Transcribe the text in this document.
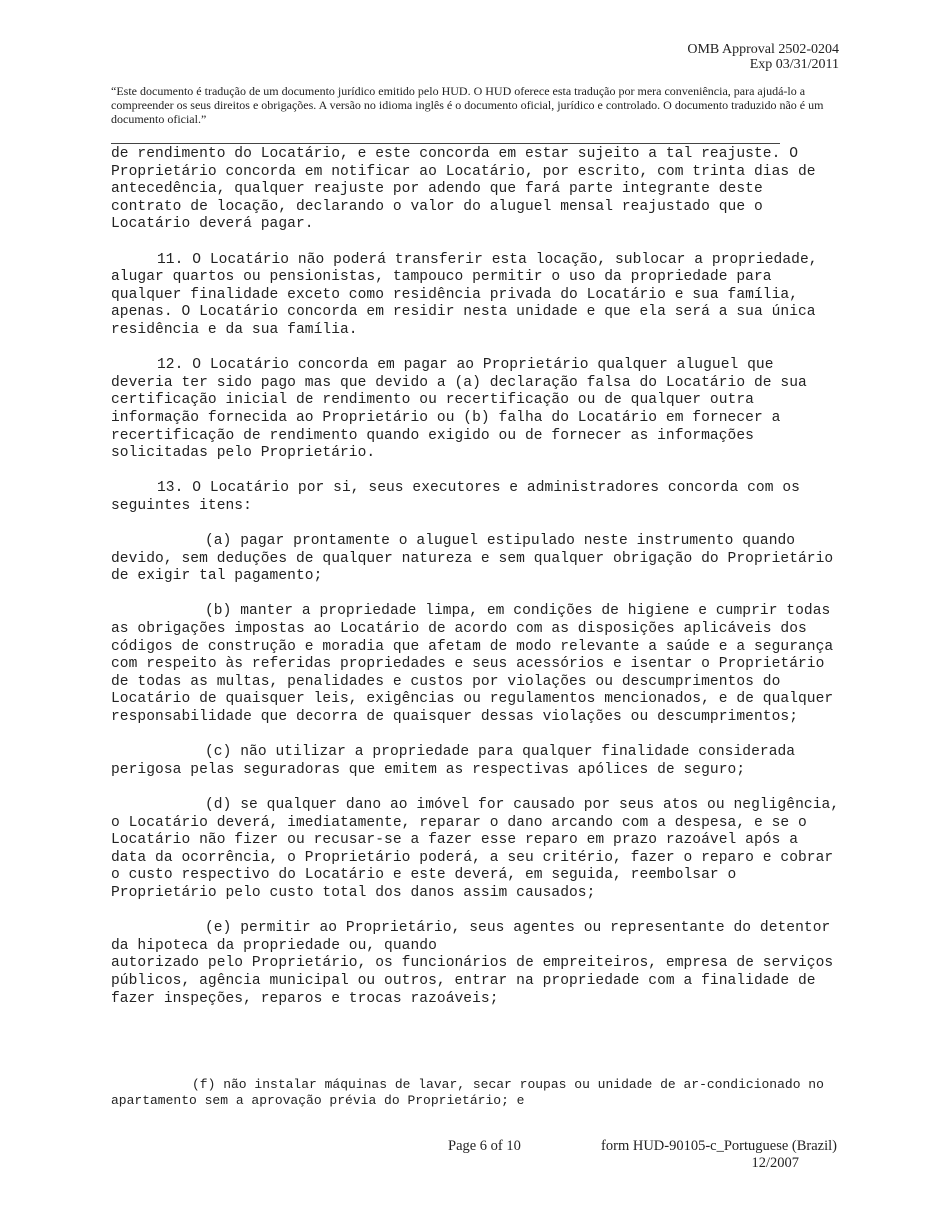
OMB Approval 2502-0204
Exp 03/31/2011
“Este documento é tradução de um documento jurídico emitido pelo HUD. O HUD oferece esta tradução por mera conveniência, para ajudá-lo a compreender os seus direitos e obrigações. A versão no idioma inglês é o documento oficial, jurídico e controlado. O documento traduzido não é um documento oficial.”

de rendimento do Locatário, e este concorda em estar sujeito a tal reajuste. O Proprietário concorda em notificar ao Locatário, por escrito, com trinta dias de antecedência, qualquer reajuste por adendo que fará parte integrante deste contrato de locação, declarando o valor do aluguel mensal reajustado que o Locatário deverá pagar.

11. O Locatário não poderá transferir esta locação, sublocar a propriedade, alugar quartos ou pensionistas, tampouco permitir o uso da propriedade para qualquer finalidade exceto como residência privada do Locatário e sua família, apenas. O Locatário concorda em residir nesta unidade e que ela será a sua única residência e da sua família.

12. O Locatário concorda em pagar ao Proprietário qualquer aluguel que deveria ter sido pago mas que devido a (a) declaração falsa do Locatário de sua certificação inicial de rendimento ou recertificação ou de qualquer outra informação fornecida ao Proprietário ou (b) falha do Locatário em fornecer a recertificação de rendimento quando exigido ou de fornecer as informações solicitadas pelo Proprietário.

13. O Locatário por si, seus executores e administradores concorda com os seguintes itens:

(a) pagar prontamente o aluguel estipulado neste instrumento quando devido, sem deduções de qualquer natureza e sem qualquer obrigação do Proprietário de exigir tal pagamento;

(b) manter a propriedade limpa, em condições de higiene e cumprir todas as obrigações impostas ao Locatário de acordo com as disposições aplicáveis dos códigos de construção e moradia que afetam de modo relevante a saúde e a segurança com respeito às referidas propriedades e seus acessórios e isentar o Proprietário de todas as multas, penalidades e custos por violações ou descumprimentos do Locatário de quaisquer leis, exigências ou regulamentos mencionados, e de qualquer responsabilidade que decorra de quaisquer dessas violações ou descumprimentos;

(c) não utilizar a propriedade para qualquer finalidade considerada perigosa pelas seguradoras que emitem as respectivas apólices de seguro;

(d) se qualquer dano ao imóvel for causado por seus atos ou negligência, o Locatário deverá, imediatamente, reparar o dano arcando com a despesa, e se o Locatário não fizer ou recusar-se a fazer esse reparo em prazo razoável após a data da ocorrência, o Proprietário poderá, a seu critério, fazer o reparo e cobrar o custo respectivo do Locatário e este deverá, em seguida, reembolsar o Proprietário pelo custo total dos danos assim causados;

(e) permitir ao Proprietário, seus agentes ou representante do detentor da hipoteca da propriedade ou, quando

autorizado pelo Proprietário, os funcionários de empreiteiros, empresa de serviços públicos, agência municipal ou outros, entrar na propriedade com a finalidade de fazer inspeções, reparos e trocas razoáveis;

(f) não instalar máquinas de lavar, secar roupas ou unidade de ar-condicionado no apartamento sem a aprovação prévia do Proprietário; e

Page 6 of 10	form HUD-90105-c_Portuguese (Brazil)
12/2007
